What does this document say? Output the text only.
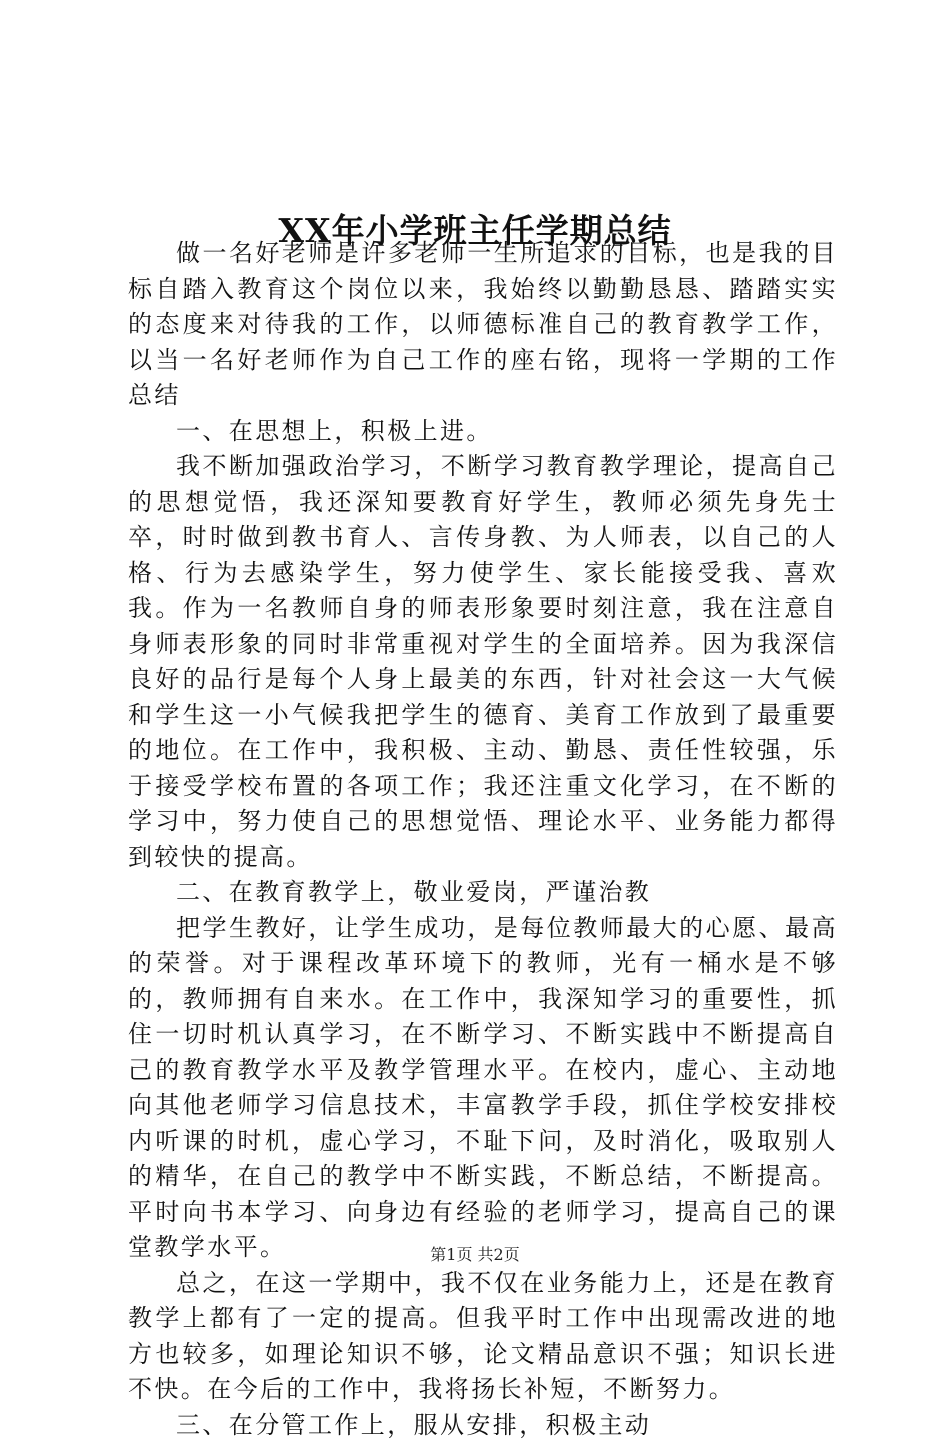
XX年小学班主任学期总结

做一名好老师是许多老师一生所追求的目标，也是我的目标自踏入教育这个岗位以来，我始终以勤勤恳恳、踏踏实实的态度来对待我的工作，以师德标准自己的教育教学工作，以当一名好老师作为自己工作的座右铭，现将一学期的工作总结

一、在思想上，积极上进。

我不断加强政治学习，不断学习教育教学理论，提高自己的思想觉悟，我还深知要教育好学生，教师必须先身先士卒，时时做到教书育人、言传身教、为人师表，以自己的人格、行为去感染学生，努力使学生、家长能接受我、喜欢我。作为一名教师自身的师表形象要时刻注意，我在注意自身师表形象的同时非常重视对学生的全面培养。因为我深信良好的品行是每个人身上最美的东西，针对社会这一大气候和学生这一小气候我把学生的德育、美育工作放到了最重要的地位。在工作中，我积极、主动、勤恳、责任性较强，乐于接受学校布置的各项工作；我还注重文化学习，在不断的学习中，努力使自己的思想觉悟、理论水平、业务能力都得到较快的提高。

二、在教育教学上，敬业爱岗，严谨治教

把学生教好，让学生成功，是每位教师最大的心愿、最高的荣誉。对于课程改革环境下的教师，光有一桶水是不够的，教师拥有自来水。在工作中，我深知学习的重要性，抓住一切时机认真学习，在不断学习、不断实践中不断提高自己的教育教学水平及教学管理水平。在校内，虚心、主动地向其他老师学习信息技术，丰富教学手段，抓住学校安排校内听课的时机，虚心学习，不耻下问，及时消化，吸取别人的精华，在自己的教学中不断实践，不断总结，不断提高。平时向书本学习、向身边有经验的老师学习，提高自己的课堂教学水平。

总之，在这一学期中，我不仅在业务能力上，还是在教育教学上都有了一定的提高。但我平时工作中出现需改进的地方也较多，如理论知识不够，论文精品意识不强；知识长进不快。在今后的工作中，我将扬长补短，不断努力。

三、在分管工作上，服从安排，积极主动

第1页 共2页
